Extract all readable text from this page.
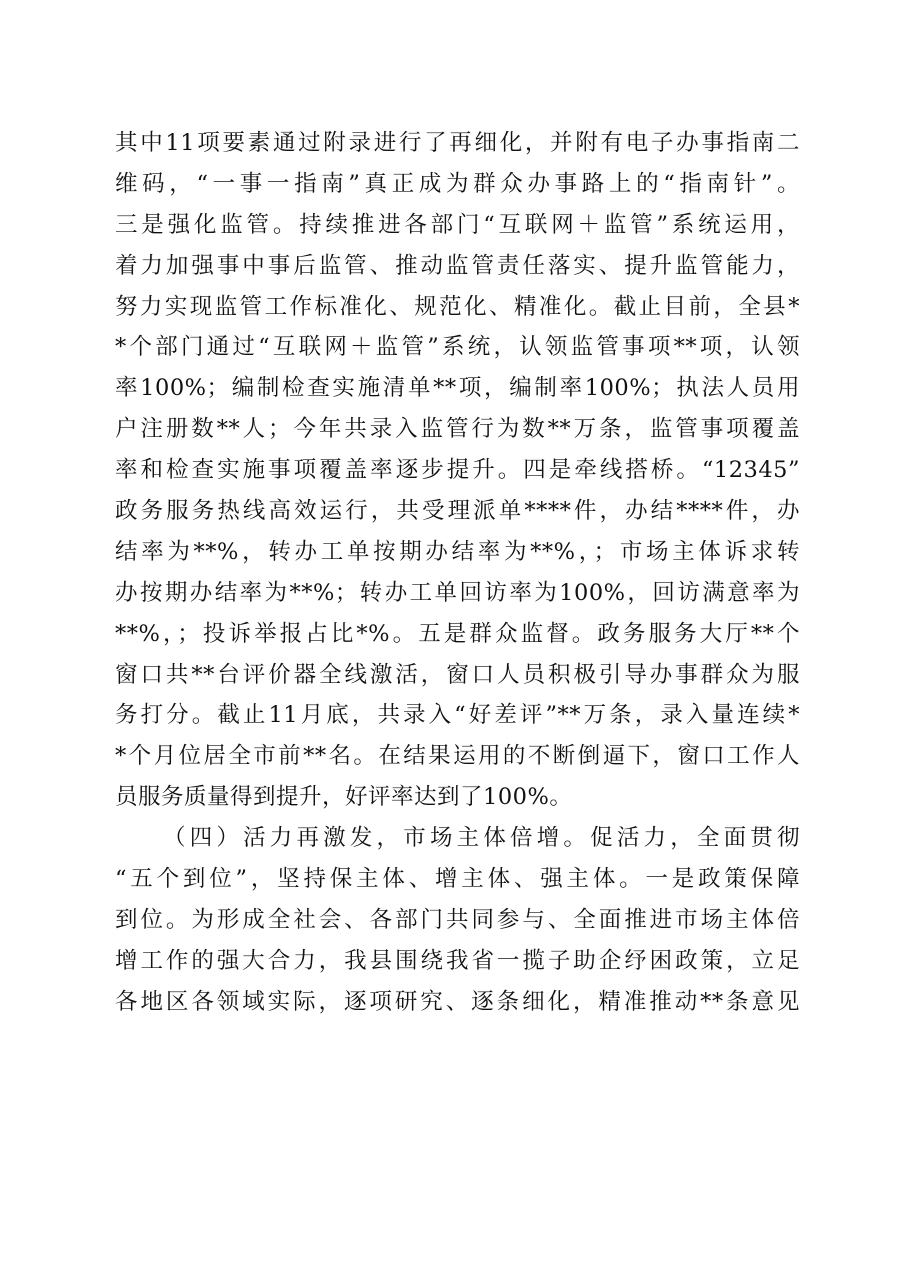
其中11项要素通过附录进行了再细化，并附有电子办事指南二
维码，“一事一指南”真正成为群众办事路上的“指南针”。
三是强化监管。持续推进各部门“互联网＋监管”系统运用，
着力加强事中事后监管、推动监管责任落实、提升监管能力，
努力实现监管工作标准化、规范化、精准化。截止目前，全县*
*个部门通过“互联网＋监管”系统，认领监管事项**项，认领
率100%；编制检查实施清单**项，编制率100%；执法人员用
户注册数**人；今年共录入监管行为数**万条，监管事项覆盖
率和检查实施事项覆盖率逐步提升。四是牵线搭桥。“12345”
政务服务热线高效运行，共受理派单****件，办结****件，办
结率为**%，转办工单按期办结率为**%，；市场主体诉求转
办按期办结率为**%；转办工单回访率为100%，回访满意率为
**%，；投诉举报占比*%。五是群众监督。政务服务大厅**个
窗口共**台评价器全线激活，窗口人员积极引导办事群众为服
务打分。截止11月底，共录入“好差评”**万条，录入量连续*
*个月位居全市前**名。在结果运用的不断倒逼下，窗口工作人
员服务质量得到提升，好评率达到了100%。
（四）活力再激发，市场主体倍增。促活力，全面贯彻
“五个到位”，坚持保主体、增主体、强主体。一是政策保障
到位。为形成全社会、各部门共同参与、全面推进市场主体倍
增工作的强大合力，我县围绕我省一揽子助企纾困政策，立足
各地区各领域实际，逐项研究、逐条细化，精准推动**条意见
